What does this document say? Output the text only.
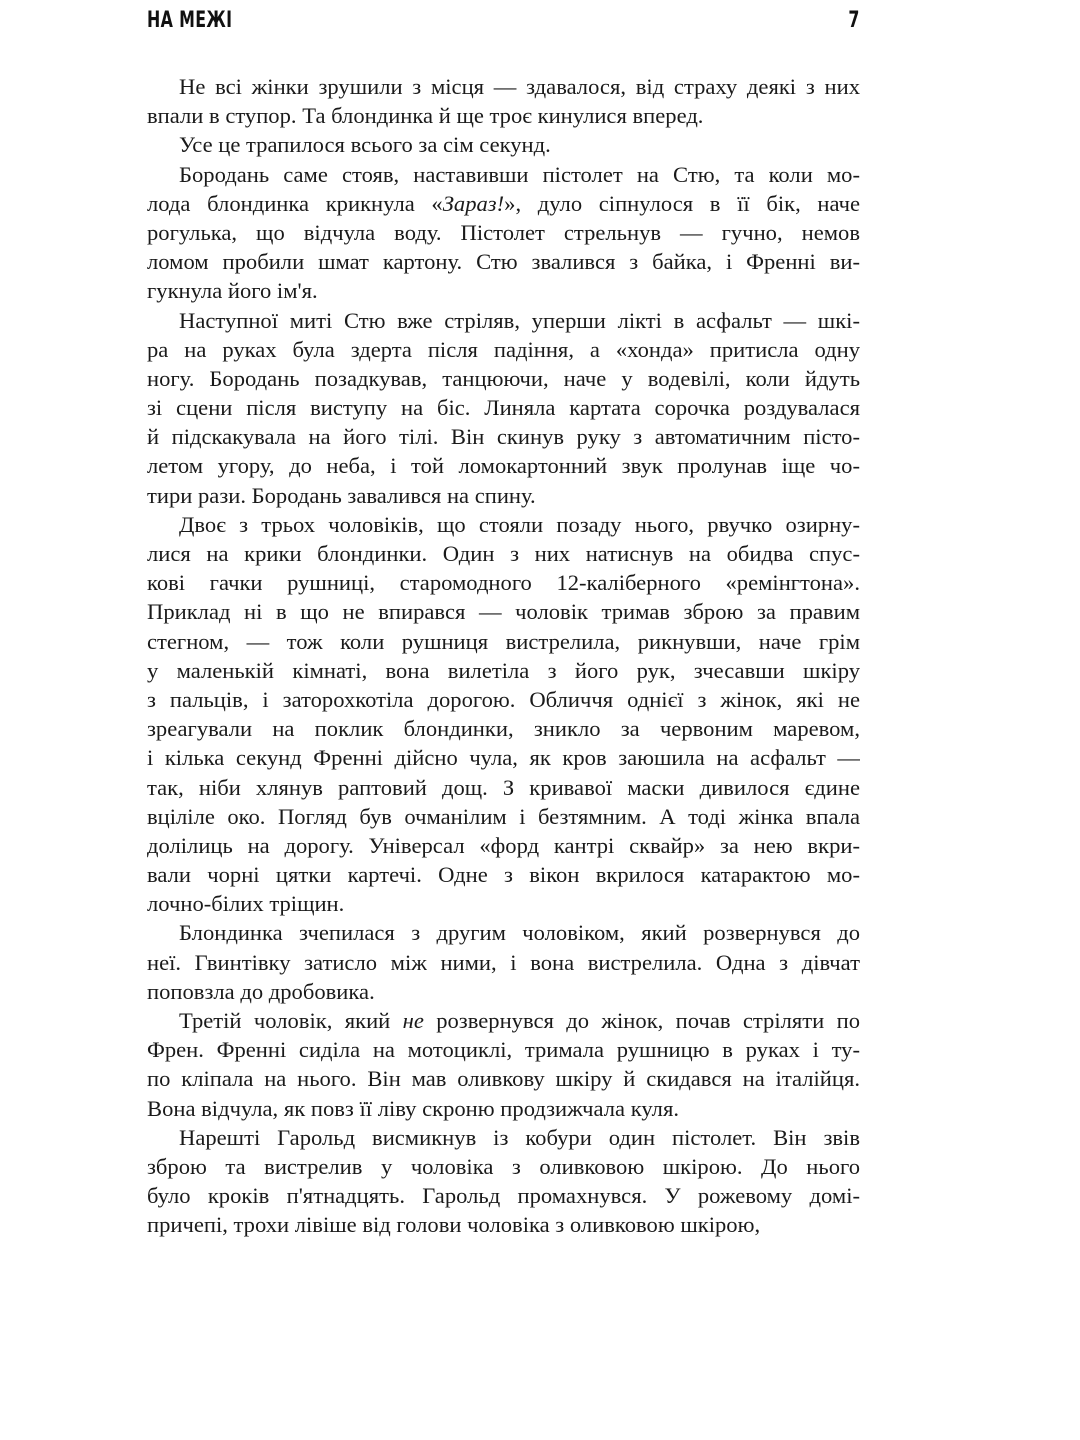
НА МЕЖІ	7
Не всі жінки зрушили з місця — здавалося, від страху деякі з них
впали в ступор. Та блондинка й ще троє кинулися вперед.
Усе це трапилося всього за сім секунд.
Бородань саме стояв, наставивши пістолет на Стю, та коли мо-
лода блондинка крикнула «Зараз!», дуло сіпнулося в її бік, наче
рогулька, що відчула воду. Пістолет стрельнув — гучно, немов
ломом пробили шмат картону. Стю звалився з байка, і Френні ви-
гукнула його ім'я.
Наступної миті Стю вже стріляв, уперши лікті в асфальт — шкі-
ра на руках була здерта після падіння, а «хонда» притисла одну
ногу. Бородань позадкував, танцюючи, наче у водевілі, коли йдуть
зі сцени після виступу на біс. Линяла картата сорочка роздувалася
й підскакувала на його тілі. Він скинув руку з автоматичним пісто-
летом угору, до неба, і той ломокартонний звук пролунав іще чо-
тири рази. Бородань завалився на спину.
Двоє з трьох чоловіків, що стояли позаду нього, рвучко озирну-
лися на крики блондинки. Один з них натиснув на обидва спус-
кові гачки рушниці, старомодного 12-каліберного «ремінгтона».
Приклад ні в що не впирався — чоловік тримав зброю за правим
стегном, — тож коли рушниця вистрелила, рикнувши, наче грім
у маленькій кімнаті, вона вилетіла з його рук, зчесавши шкіру
з пальців, і заторохкотіла дорогою. Обличчя однієї з жінок, які не
зреагували на поклик блондинки, зникло за червоним маревом,
і кілька секунд Френні дійсно чула, як кров заюшила на асфальт —
так, ніби хлянув раптовий дощ. З кривавої маски дивилося єдине
вціліле око. Погляд був очманілим і безтямним. А тоді жінка впала
долілиць на дорогу. Універсал «форд кантрі сквайр» за нею вкри-
вали чорні цятки картечі. Одне з вікон вкрилося катарактою мо-
лочно-білих тріщин.
Блондинка зчепилася з другим чоловіком, який розвернувся до
неї. Гвинтівку затисло між ними, і вона вистрелила. Одна з дівчат
поповзла до дробовика.
Третій чоловік, який не розвернувся до жінок, почав стріляти по
Френ. Френні сиділа на мотоциклі, тримала рушницю в руках і ту-
по кліпала на нього. Він мав оливкову шкіру й скидався на італійця.
Вона відчула, як повз її ліву скроню продзижчала куля.
Нарешті Гарольд висмикнув із кобури один пістолет. Він звів
зброю та вистрелив у чоловіка з оливковою шкірою. До нього
було кроків п'ятнадцять. Гарольд промахнувся. У рожевому домі-
причепі, трохи лівіше від голови чоловіка з оливковою шкірою,
